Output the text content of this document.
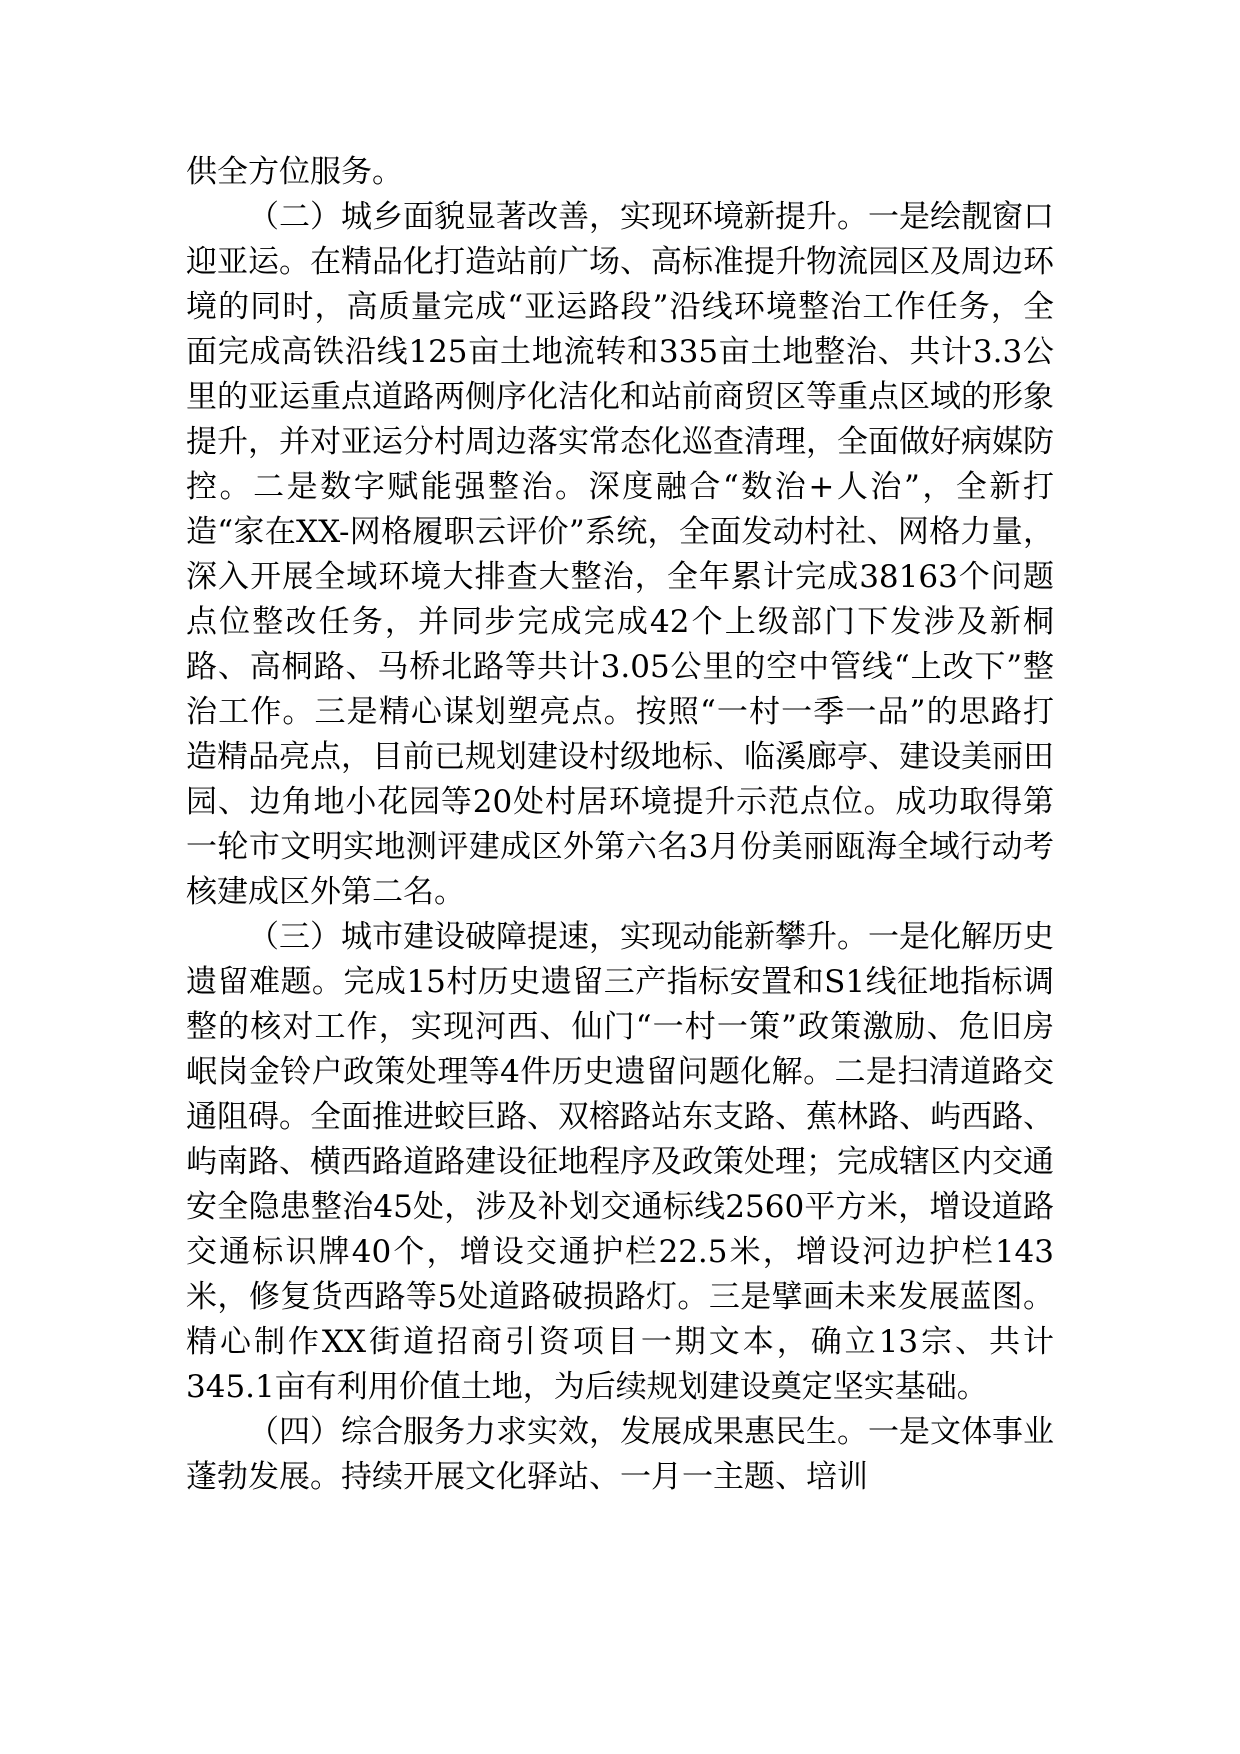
供全方位服务。

（二）城乡面貌显著改善，实现环境新提升。一是绘靓窗口迎亚运。在精品化打造站前广场、高标准提升物流园区及周边环境的同时，高质量完成“亚运路段”沿线环境整治工作任务，全面完成高铁沿线125亩土地流转和335亩土地整治、共计3.3公里的亚运重点道路两侧序化洁化和站前商贸区等重点区域的形象提升，并对亚运分村周边落实常态化巡查清理，全面做好病媒防控。二是数字赋能强整治。深度融合“数治+人治”，全新打造“家在XX-网格履职云评价”系统，全面发动村社、网格力量，深入开展全域环境大排查大整治，全年累计完成38163个问题点位整改任务，并同步完成完成42个上级部门下发涉及新桐路、高桐路、马桥北路等共计3.05公里的空中管线“上改下”整治工作。三是精心谋划塑亮点。按照“一村一季一品”的思路打造精品亮点，目前已规划建设村级地标、临溪廊亭、建设美丽田园、边角地小花园等20处村居环境提升示范点位。成功取得第一轮市文明实地测评建成区外第六名3月份美丽瓯海全域行动考核建成区外第二名。

（三）城市建设破障提速，实现动能新攀升。一是化解历史遗留难题。完成15村历史遗留三产指标安置和S1线征地指标调整的核对工作，实现河西、仙门“一村一策”政策激励、危旧房岷岗金铃户政策处理等4件历史遗留问题化解。二是扫清道路交通阻碍。全面推进蛟巨路、双榕路站东支路、蕉林路、屿西路、屿南路、横西路道路建设征地程序及政策处理；完成辖区内交通安全隐患整治45处，涉及补划交通标线2560平方米，增设道路交通标识牌40个，增设交通护栏22.5米，增设河边护栏143米，修复货西路等5处道路破损路灯。三是擘画未来发展蓝图。精心制作XX街道招商引资项目一期文本，确立13宗、共计345.1亩有利用价值土地，为后续规划建设奠定坚实基础。

（四）综合服务力求实效，发展成果惠民生。一是文体事业蓬勃发展。持续开展文化驿站、一月一主题、培训
